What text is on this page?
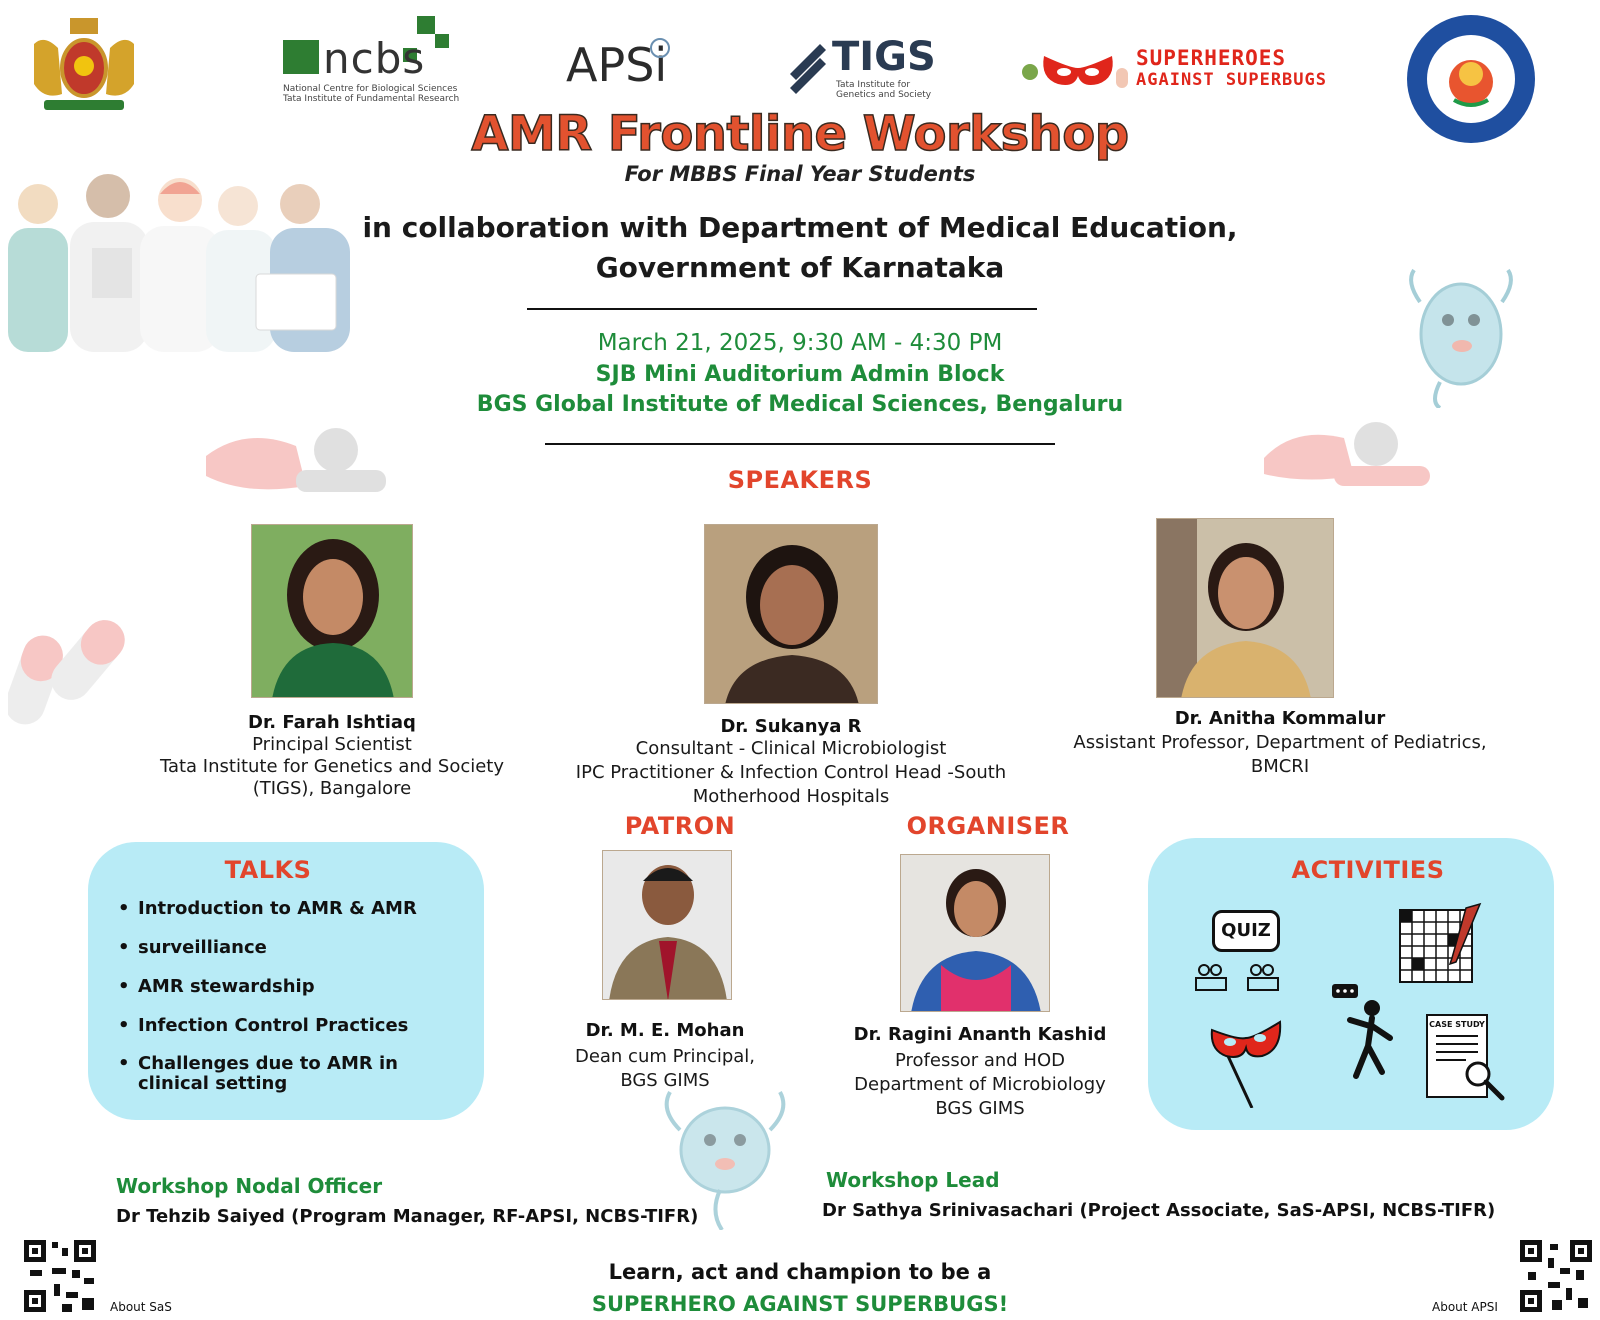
ncbs
National Centre for Biological Sciences
Tata Institute of Fundamental Research
APSi	TIGS
Tata Institute for
Genetics and Society
SUPERHEROES
AGAINST SUPERBUGS
AMR Frontline Workshop
For MBBS Final Year Students
in collaboration with Department of Medical Education,
Government of Karnataka
March 21, 2025, 9:30 AM - 4:30 PM
SJB Mini Auditorium Admin Block
BGS Global Institute of Medical Sciences, Bengaluru
SPEAKERS
Dr. Farah Ishtiaq
Principal Scientist
Tata Institute for Genetics and Society
(TIGS), Bangalore
Dr. Sukanya R
Consultant - Clinical Microbiologist
IPC Practitioner & Infection Control Head -South
Motherhood Hospitals
Dr. Anitha Kommalur
Assistant Professor, Department of Pediatrics,
BMCRI
TALKS
• Introduction to AMR & AMR
• surveilliance
• AMR stewardship
• Infection Control Practices
• Challenges due to AMR in clinical setting
PATRON
Dr. M. E. Mohan
Dean cum Principal,
BGS GIMS
ORGANISER
Dr. Ragini Ananth Kashid
Professor and HOD
Department of Microbiology
BGS GIMS
ACTIVITIES
QUIZ
CASE STUDY
Workshop Nodal Officer
Dr Tehzib Saiyed (Program Manager, RF-APSI, NCBS-TIFR)
Workshop Lead
Dr Sathya Srinivasachari (Project Associate, SaS-APSI, NCBS-TIFR)
Learn, act and champion to be a
SUPERHERO AGAINST SUPERBUGS!
About SaS	About APSI
